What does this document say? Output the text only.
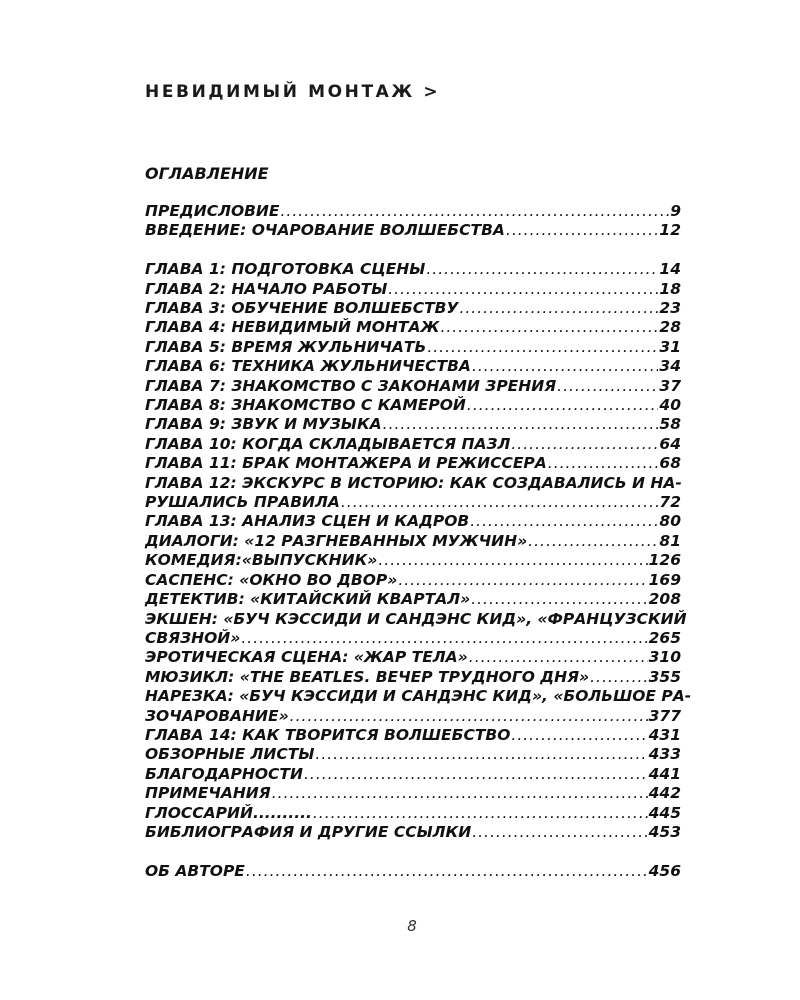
НЕВИДИМЫЙ МОНТАЖ >
ОГЛАВЛЕНИЕ
ПРЕДИСЛОВИЕ .....	9
ВВЕДЕНИЕ: ОЧАРОВАНИЕ ВОЛШЕБСТВА .....	12
ГЛАВА 1: ПОДГОТОВКА СЦЕНЫ .....	14
ГЛАВА 2: НАЧАЛО РАБОТЫ .....	18
ГЛАВА 3: ОБУЧЕНИЕ ВОЛШЕБСТВУ .....	23
ГЛАВА 4: НЕВИДИМЫЙ МОНТАЖ .....	28
ГЛАВА 5: ВРЕМЯ ЖУЛЬНИЧАТЬ .....	31
ГЛАВА 6: ТЕХНИКА ЖУЛЬНИЧЕСТВА .....	34
ГЛАВА 7: ЗНАКОМСТВО С ЗАКОНАМИ ЗРЕНИЯ .....	37
ГЛАВА 8: ЗНАКОМСТВО С КАМЕРОЙ .....	40
ГЛАВА 9: ЗВУК И МУЗЫКА .....	58
ГЛАВА 10: КОГДА СКЛАДЫВАЕТСЯ ПАЗЛ .....	64
ГЛАВА 11: БРАК МОНТАЖЕРА И РЕЖИССЕРА .....	68
ГЛАВА 12: ЭКСКУРС В ИСТОРИЮ: КАК СОЗДАВАЛИСЬ И НА-
РУШАЛИСЬ ПРАВИЛА .....	72
ГЛАВА 13: АНАЛИЗ СЦЕН И КАДРОВ .....	80
ДИАЛОГИ: «12 РАЗГНЕВАННЫХ МУЖЧИН» .....	81
КОМЕДИЯ:«ВЫПУСКНИК» .....	126
САСПЕНС: «ОКНО ВО ДВОР» .....	169
ДЕТЕКТИВ: «КИТАЙСКИЙ КВАРТАЛ» .....	208
ЭКШЕН: «БУЧ КЭССИДИ И САНДЭНС КИД», «ФРАНЦУЗСКИЙ
СВЯЗНОЙ» .....	265
ЭРОТИЧЕСКАЯ СЦЕНА: «ЖАР ТЕЛА» .....	310
МЮЗИКЛ: «THE BEATLES. ВЕЧЕР ТРУДНОГО ДНЯ» .....	355
НАРЕЗКА: «БУЧ КЭССИДИ И САНДЭНС КИД», «БОЛЬШОЕ РА-
ЗОЧАРОВАНИЕ» .....	377
ГЛАВА 14: КАК ТВОРИТСЯ ВОЛШЕБСТВО .....	431
ОБЗОРНЫЕ ЛИСТЫ .....	433
БЛАГОДАРНОСТИ .....	441
ПРИМЕЧАНИЯ .....	442
ГЛОССАРИЙ.......... .....	445
БИБЛИОГРАФИЯ И ДРУГИЕ ССЫЛКИ .....	453
ОБ АВТОРЕ .....	456
8
